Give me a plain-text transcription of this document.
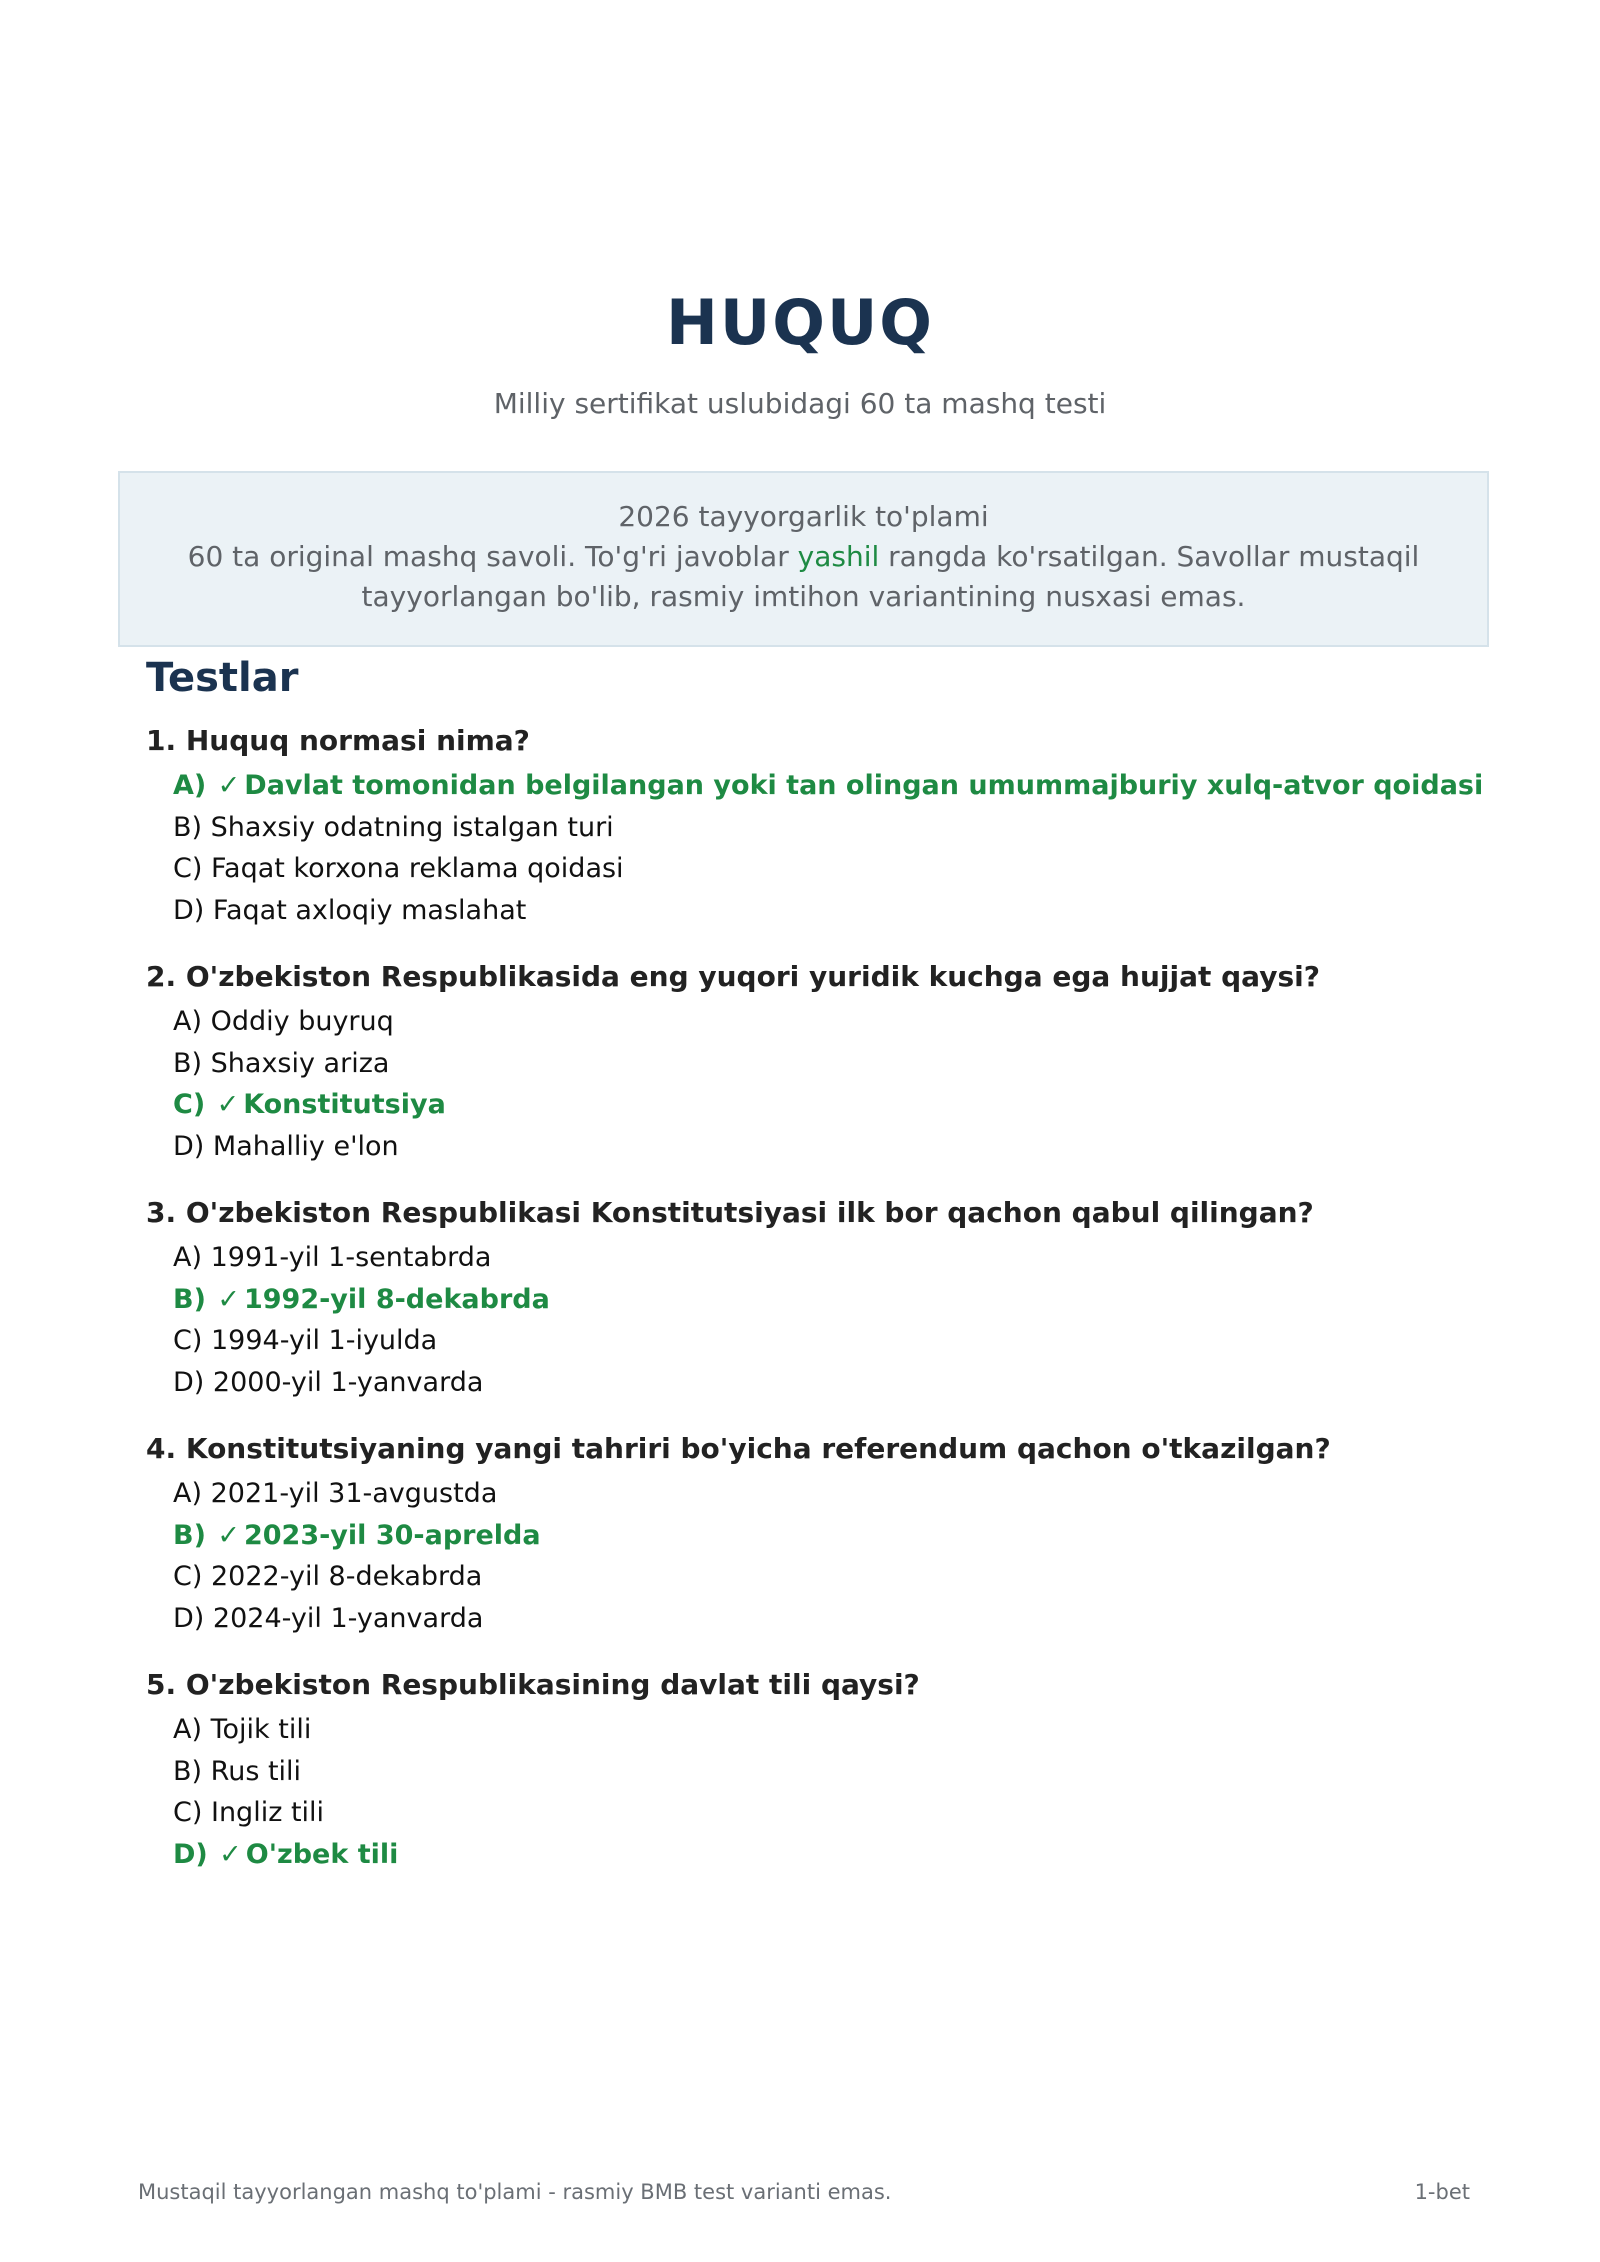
HUQUQ
Milliy sertifikat uslubidagi 60 ta mashq testi
2026 tayyorgarlik to'plami
60 ta original mashq savoli. To'g'ri javoblar yashil rangda ko'rsatilgan. Savollar mustaqil tayyorlangan bo'lib, rasmiy imtihon variantining nusxasi emas.
Testlar
1. Huquq normasi nima?
A) ✓ Davlat tomonidan belgilangan yoki tan olingan umummajburiy xulq-atvor qoidasi
B) Shaxsiy odatning istalgan turi
C) Faqat korxona reklama qoidasi
D) Faqat axloqiy maslahat
2. O'zbekiston Respublikasida eng yuqori yuridik kuchga ega hujjat qaysi?
A) Oddiy buyruq
B) Shaxsiy ariza
C) ✓ Konstitutsiya
D) Mahalliy e'lon
3. O'zbekiston Respublikasi Konstitutsiyasi ilk bor qachon qabul qilingan?
A) 1991-yil 1-sentabrda
B) ✓ 1992-yil 8-dekabrda
C) 1994-yil 1-iyulda
D) 2000-yil 1-yanvarda
4. Konstitutsiyaning yangi tahriri bo'yicha referendum qachon o'tkazilgan?
A) 2021-yil 31-avgustda
B) ✓ 2023-yil 30-aprelda
C) 2022-yil 8-dekabrda
D) 2024-yil 1-yanvarda
5. O'zbekiston Respublikasining davlat tili qaysi?
A) Tojik tili
B) Rus tili
C) Ingliz tili
D) ✓ O'zbek tili
Mustaqil tayyorlangan mashq to'plami - rasmiy BMB test varianti emas.	1-bet
